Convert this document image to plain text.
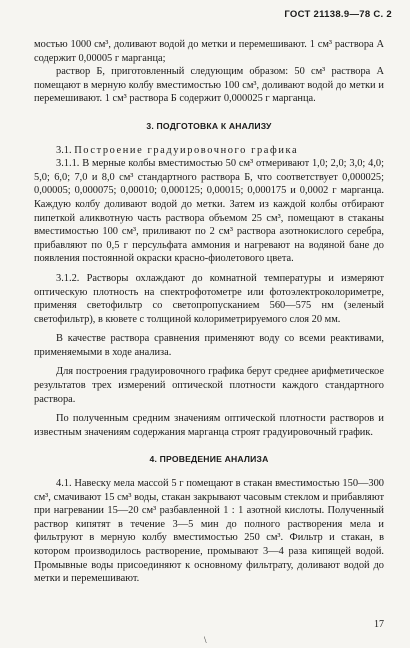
ГОСТ 21138.9—78 С. 2

мостью 1000 см³, доливают водой до метки и перемешивают. 1 см³ раствора А содержит 0,00005 г марганца;

раствор Б, приготовленный следующим образом: 50 см³ раствора А помещают в мерную колбу вместимостью 100 см³, доливают водой до метки и перемешивают. 1 см³ раствора Б содержит 0,000025 г марганца.

3. ПОДГОТОВКА К АНАЛИЗУ

3.1. Построение градуировочного графика

3.1.1. В мерные колбы вместимостью 50 см³ отмеривают 1,0; 2,0; 3,0; 4,0; 5,0; 6,0; 7,0 и 8,0 см³ стандартного раствора Б, что соответствует 0,000025; 0,00005; 0,000075; 0,00010; 0,000125; 0,00015; 0,000175 и 0,0002 г марганца. Каждую колбу доливают водой до метки. Затем из каждой колбы отбирают пипеткой аликвотную часть раствора объемом 25 см³, помещают в стаканы вместимостью 100 см³, приливают по 2 см³ раствора азотнокислого серебра, прибавляют по 0,5 г персульфата аммония и нагревают на водяной бане до появления постоянной окраски красно-фиолетового цвета.

3.1.2. Растворы охлаждают до комнатной температуры и измеряют оптическую плотность на спектрофотометре или фотоэлектроколориметре, применяя светофильтр со светопропусканием 560—575 нм (зеленый светофильтр), в кювете с толщиной колориметрируемого слоя 20 мм.

В качестве раствора сравнения применяют воду со всеми реактивами, применяемыми в ходе анализа.

Для построения градуировочного графика берут среднее арифметическое результатов трех измерений оптической плотности каждого стандартного раствора.

По полученным средним значениям оптической плотности растворов и известным значениям содержания марганца строят градуировочный график.

4. ПРОВЕДЕНИЕ АНАЛИЗА

4.1. Навеску мела массой 5 г помещают в стакан вместимостью 150—300 см³, смачивают 15 см³ воды, стакан закрывают часовым стеклом и прибавляют при нагревании 15—20 см³ разбавленной 1 : 1 азотной кислоты. Полученный раствор кипятят в течение 3—5 мин до полного растворения мела и фильтруют в мерную колбу вместимостью 250 см³. Фильтр и стакан, в котором производилось растворение, промывают 3—4 раза кипящей водой. Промывные воды присоединяют к основному фильтрату, доливают водой до метки и перемешивают.

17
\
